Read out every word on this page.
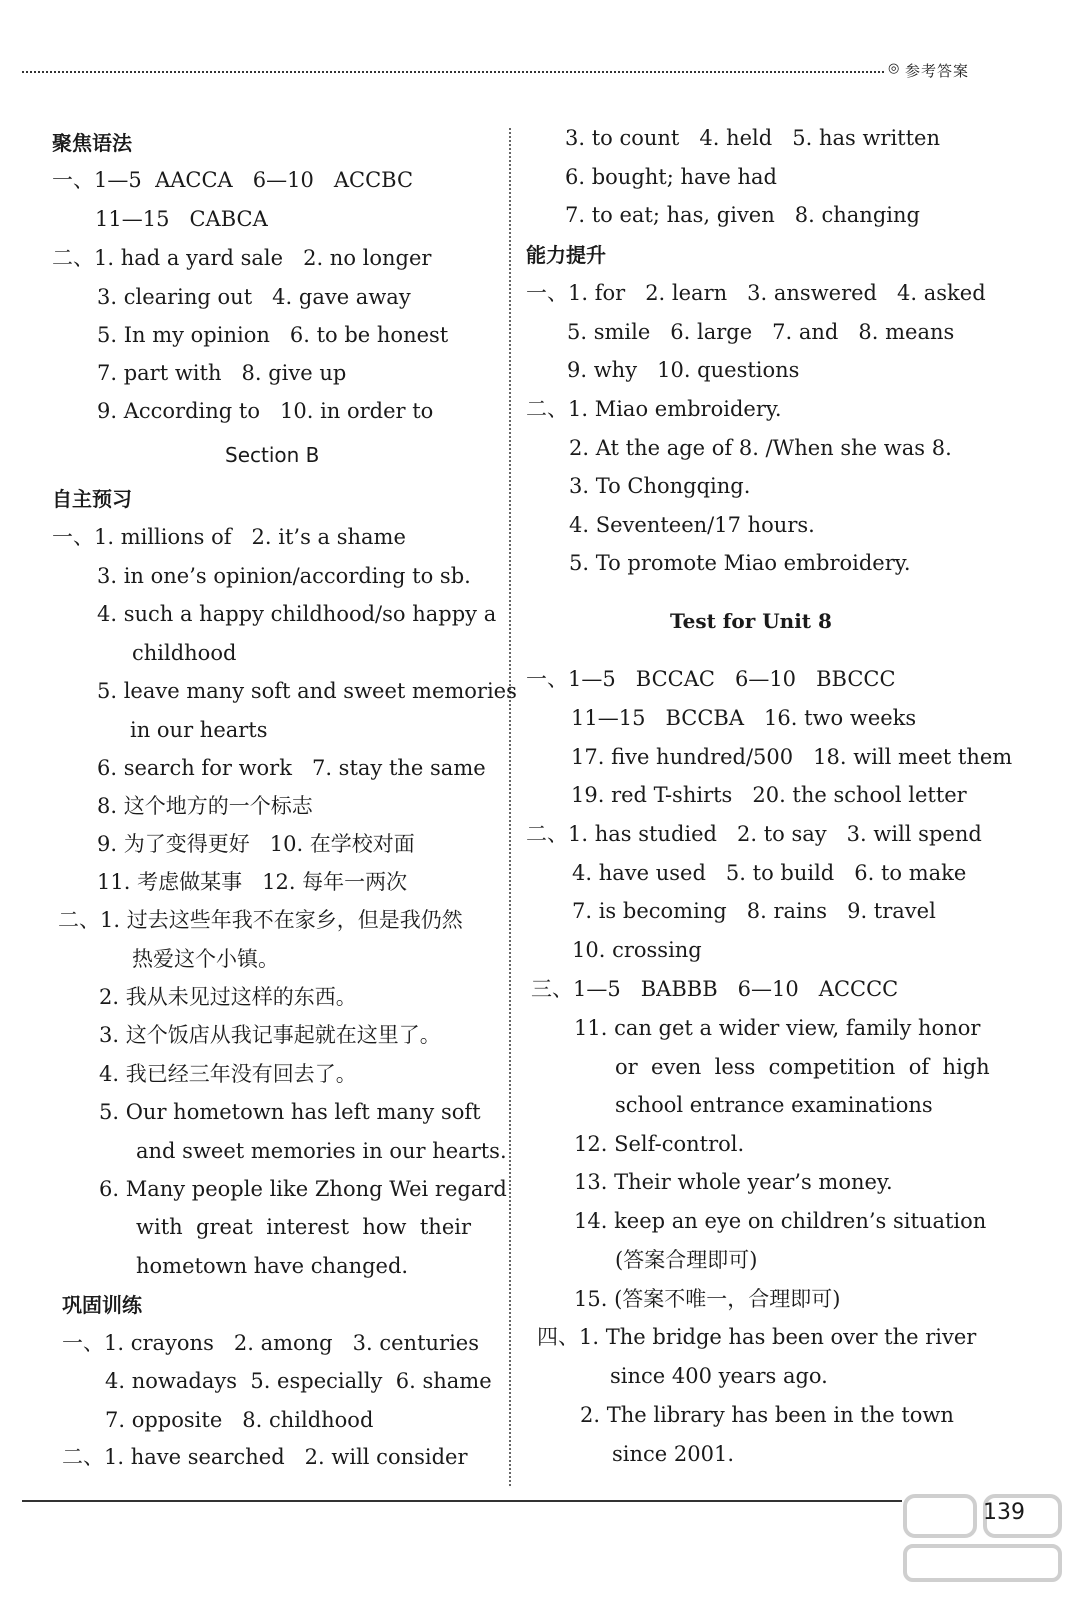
◎ 参考答案
聚焦语法
一、1—5  AACCA   6—10   ACCBC
11—15   CABCA
二、1. had a yard sale   2. no longer
3. clearing out   4. gave away
5. In my opinion   6. to be honest
7. part with   8. give up
9. According to   10. in order to
Section B
自主预习
一、1. millions of   2. it’s a shame
3. in one’s opinion/according to sb.
4. such a happy childhood/so happy a
childhood
5. leave many soft and sweet memories
in our hearts
6. search for work   7. stay the same
8. 这个地方的一个标志
9. 为了变得更好   10. 在学校对面
11. 考虑做某事   12. 每年一两次
二、1. 过去这些年我不在家乡，但是我仍然
热爱这个小镇。
2. 我从未见过这样的东西。
3. 这个饭店从我记事起就在这里了。
4. 我已经三年没有回去了。
5. Our hometown has left many soft
and sweet memories in our hearts.
6. Many people like Zhong Wei regard
with  great  interest  how  their
hometown have changed.
巩固训练
一、1. crayons   2. among   3. centuries
4. nowadays  5. especially  6. shame
7. opposite   8. childhood
二、1. have searched   2. will consider
3. to count   4. held   5. has written
6. bought; have had
7. to eat; has, given   8. changing
能力提升
一、1. for   2. learn   3. answered   4. asked
5. smile   6. large   7. and   8. means
9. why   10. questions
二、1. Miao embroidery.
2. At the age of 8. /When she was 8.
3. To Chongqing.
4. Seventeen/17 hours.
5. To promote Miao embroidery.
Test for Unit 8
一、1—5   BCCAC   6—10   BBCCC
11—15   BCCBA   16. two weeks
17. five hundred/500   18. will meet them
19. red T-shirts   20. the school letter
二、1. has studied   2. to say   3. will spend
4. have used   5. to build   6. to make
7. is becoming   8. rains   9. travel
10. crossing
三、1—5   BABBB   6—10   ACCCC
11. can get a wider view, family honor
or  even  less  competition  of  high
school entrance examinations
12. Self-control.
13. Their whole year’s money.
14. keep an eye on children’s situation
(答案合理即可)
15. (答案不唯一，合理即可)
四、1. The bridge has been over the river
since 400 years ago.
2. The library has been in the town
since 2001.
139
